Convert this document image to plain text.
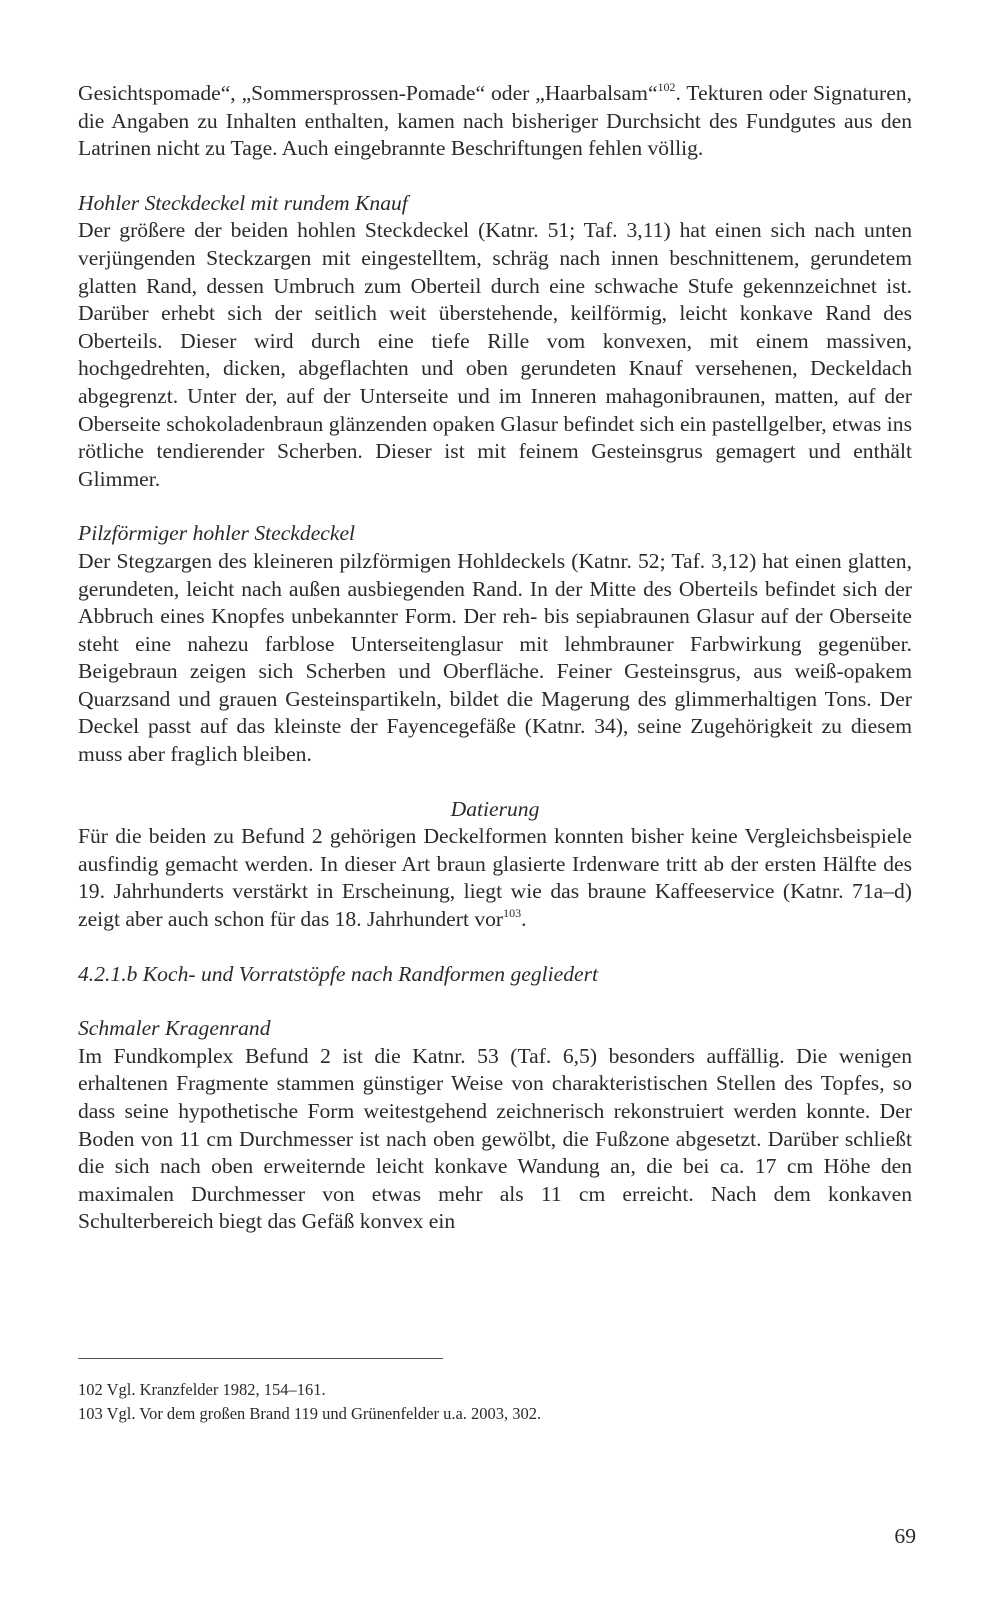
Gesichtspomade“, „Sommersprossen-Pomade“ oder „Haarbalsam“$^{102}$. Tekturen oder Signaturen, die Angaben zu Inhalten enthalten, kamen nach bisheriger Durchsicht des Fundgutes aus den Latrinen nicht zu Tage. Auch eingebrannte Beschriftungen fehlen völlig.

Hohler Steckdeckel mit rundem Knauf

Der größere der beiden hohlen Steckdeckel (Katnr. 51; Taf. 3,11) hat einen sich nach unten verjüngenden Steckzargen mit eingestelltem, schräg nach innen beschnittenem, gerundetem glatten Rand, dessen Umbruch zum Oberteil durch eine schwache Stufe gekennzeichnet ist. Darüber erhebt sich der seitlich weit überstehende, keilförmig, leicht konkave Rand des Oberteils. Dieser wird durch eine tiefe Rille vom konvexen, mit einem massiven, hochgedrehten, dicken, abgeflachten und oben gerundeten Knauf versehenen, Deckeldach abgegrenzt. Unter der, auf der Unterseite und im Inneren mahagonibraunen, matten, auf der Oberseite schokoladenbraun glänzenden opaken Glasur befindet sich ein pastellgelber, etwas ins rötliche tendierender Scherben. Dieser ist mit feinem Gesteinsgrus gemagert und enthält Glimmer.

Pilzförmiger hohler Steckdeckel

Der Stegzargen des kleineren pilzförmigen Hohldeckels (Katnr. 52; Taf. 3,12) hat einen glatten, gerundeten, leicht nach außen ausbiegenden Rand. In der Mitte des Oberteils befindet sich der Abbruch eines Knopfes unbekannter Form. Der reh- bis sepiabraunen Glasur auf der Oberseite steht eine nahezu farblose Unterseitenglasur mit lehmbrauner Farbwirkung gegenüber. Beigebraun zeigen sich Scherben und Oberfläche. Feiner Gesteinsgrus, aus weiß-opakem Quarzsand und grauen Gesteinspartikeln, bildet die Magerung des glimmerhaltigen Tons. Der Deckel passt auf das kleinste der Fayencegefäße (Katnr. 34), seine Zugehörigkeit zu diesem muss aber fraglich bleiben.

Datierung

Für die beiden zu Befund 2 gehörigen Deckelformen konnten bisher keine Vergleichsbeispiele ausfindig gemacht werden. In dieser Art braun glasierte Irdenware tritt ab der ersten Hälfte des 19. Jahrhunderts verstärkt in Erscheinung, liegt wie das braune Kaffeeservice (Katnr. 71a–d) zeigt aber auch schon für das 18. Jahrhundert vor$^{103}$.

4.2.1.b Koch- und Vorratstöpfe nach Randformen gegliedert

Schmaler Kragenrand

Im Fundkomplex Befund 2 ist die Katnr. 53 (Taf. 6,5) besonders auffällig. Die wenigen erhaltenen Fragmente stammen günstiger Weise von charakteristischen Stellen des Topfes, so dass seine hypothetische Form weitestgehend zeichnerisch rekonstruiert werden konnte. Der Boden von 11 cm Durchmesser ist nach oben gewölbt, die Fußzone abgesetzt. Darüber schließt die sich nach oben erweiternde leicht konkave Wandung an, die bei ca. 17 cm Höhe den maximalen Durchmesser von etwas mehr als 11 cm erreicht. Nach dem konkaven Schulterbereich biegt das Gefäß konvex ein

102 Vgl. Kranzfelder 1982, 154–161.

103 Vgl. Vor dem großen Brand 119 und Grünenfelder u.a. 2003, 302.

69
